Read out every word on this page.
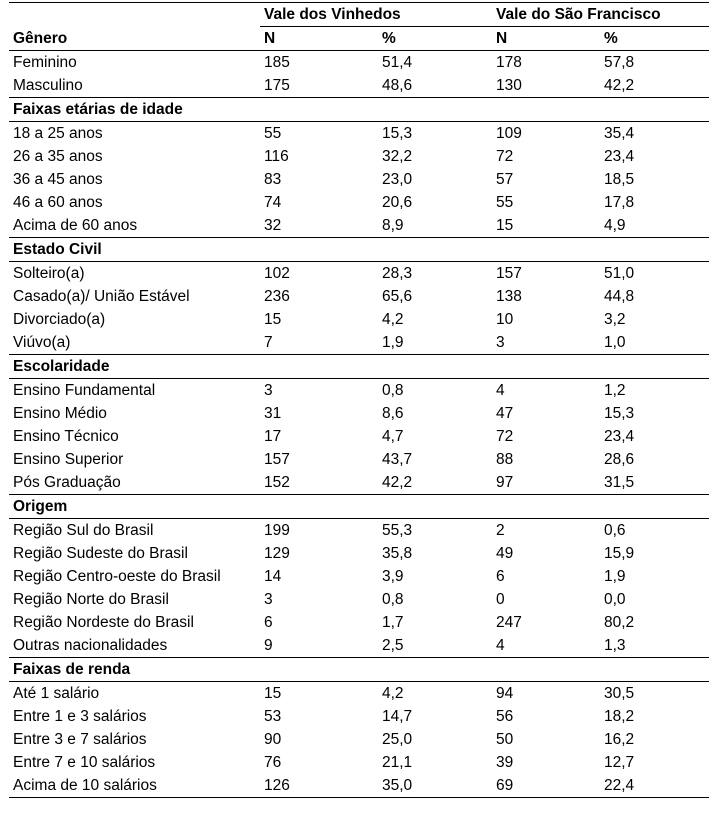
	Vale dos Vinhedos		Vale do São Francisco	
Gênero	N	%	N	%
Feminino	185	51,4	178	57,8
Masculino	175	48,6	130	42,2
Faixas etárias de idade				
18 a 25 anos	55	15,3	109	35,4
26 a 35 anos	116	32,2	72	23,4
36 a 45 anos	83	23,0	57	18,5
46 a 60 anos	74	20,6	55	17,8
Acima de 60 anos	32	8,9	15	4,9
Estado Civil				
Solteiro(a)	102	28,3	157	51,0
Casado(a)/ União Estável	236	65,6	138	44,8
Divorciado(a)	15	4,2	10	3,2
Viúvo(a)	7	1,9	3	1,0
Escolaridade				
Ensino Fundamental	3	0,8	4	1,2
Ensino Médio	31	8,6	47	15,3
Ensino Técnico	17	4,7	72	23,4
Ensino Superior	157	43,7	88	28,6
Pós Graduação	152	42,2	97	31,5
Origem				
Região Sul do Brasil	199	55,3	2	0,6
Região Sudeste do Brasil	129	35,8	49	15,9
Região Centro-oeste do Brasil	14	3,9	6	1,9
Região Norte do Brasil	3	0,8	0	0,0
Região Nordeste do Brasil	6	1,7	247	80,2
Outras nacionalidades	9	2,5	4	1,3
Faixas de renda				
Até 1 salário	15	4,2	94	30,5
Entre 1 e 3 salários	53	14,7	56	18,2
Entre 3 e 7 salários	90	25,0	50	16,2
Entre 7 e 10 salários	76	21,1	39	12,7
Acima de 10 salários	126	35,0	69	22,4
